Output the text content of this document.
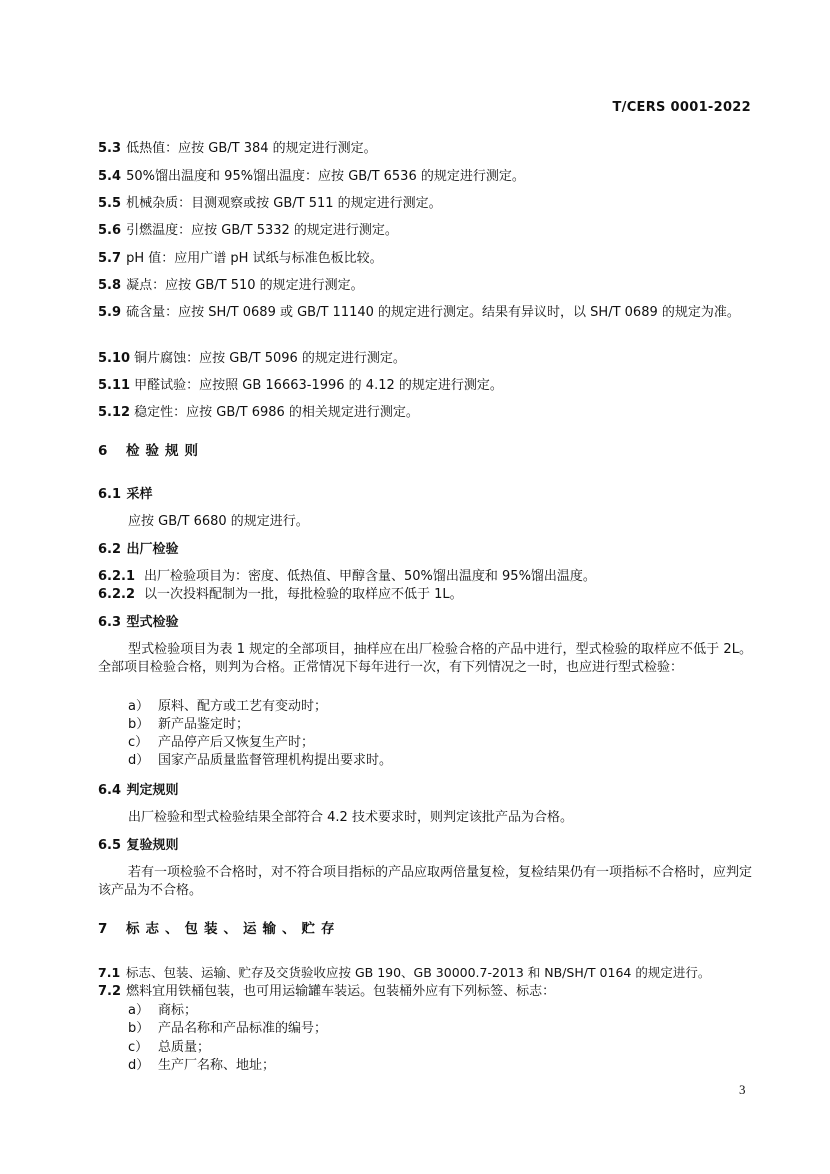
T/CERS 0001-2022
5.3 低热值：应按 GB/T 384 的规定进行测定。
5.4 50%馏出温度和 95%馏出温度：应按 GB/T 6536 的规定进行测定。
5.5 机械杂质：目测观察或按 GB/T 511 的规定进行测定。
5.6 引燃温度：应按 GB/T 5332 的规定进行测定。
5.7 pH 值：应用广谱 pH 试纸与标准色板比较。
5.8 凝点：应按 GB/T 510 的规定进行测定。
5.9 硫含量：应按 SH/T 0689 或 GB/T 11140 的规定进行测定。结果有异议时，以 SH/T 0689 的规定为准。
5.10 铜片腐蚀：应按 GB/T 5096 的规定进行测定。
5.11 甲醛试验：应按照 GB 16663-1996 的 4.12 的规定进行测定。
5.12 稳定性：应按 GB/T 6986 的相关规定进行测定。
6 检验规则
6.1 采样
应按 GB/T 6680 的规定进行。
6.2 出厂检验
6.2.1 出厂检验项目为：密度、低热值、甲醇含量、50%馏出温度和 95%馏出温度。
6.2.2 以一次投料配制为一批，每批检验的取样应不低于 1L。
6.3 型式检验
型式检验项目为表 1 规定的全部项目，抽样应在出厂检验合格的产品中进行，型式检验的取样应不低于 2L。全部项目检验合格，则判为合格。正常情况下每年进行一次，有下列情况之一时，也应进行型式检验：
a） 原料、配方或工艺有变动时；
b） 新产品鉴定时；
c） 产品停产后又恢复生产时；
d） 国家产品质量监督管理机构提出要求时。
6.4 判定规则
出厂检验和型式检验结果全部符合 4.2 技术要求时，则判定该批产品为合格。
6.5 复验规则
若有一项检验不合格时，对不符合项目指标的产品应取两倍量复检，复检结果仍有一项指标不合格时，应判定该产品为不合格。
7 标志、包装、运输、贮存
7.1 标志、包装、运输、贮存及交货验收应按 GB 190、GB 30000.7-2013 和 NB/SH/T 0164 的规定进行。
7.2 燃料宜用铁桶包装，也可用运输罐车装运。包装桶外应有下列标签、标志：
a） 商标；
b） 产品名称和产品标准的编号；
c） 总质量；
d） 生产厂名称、地址；
3
